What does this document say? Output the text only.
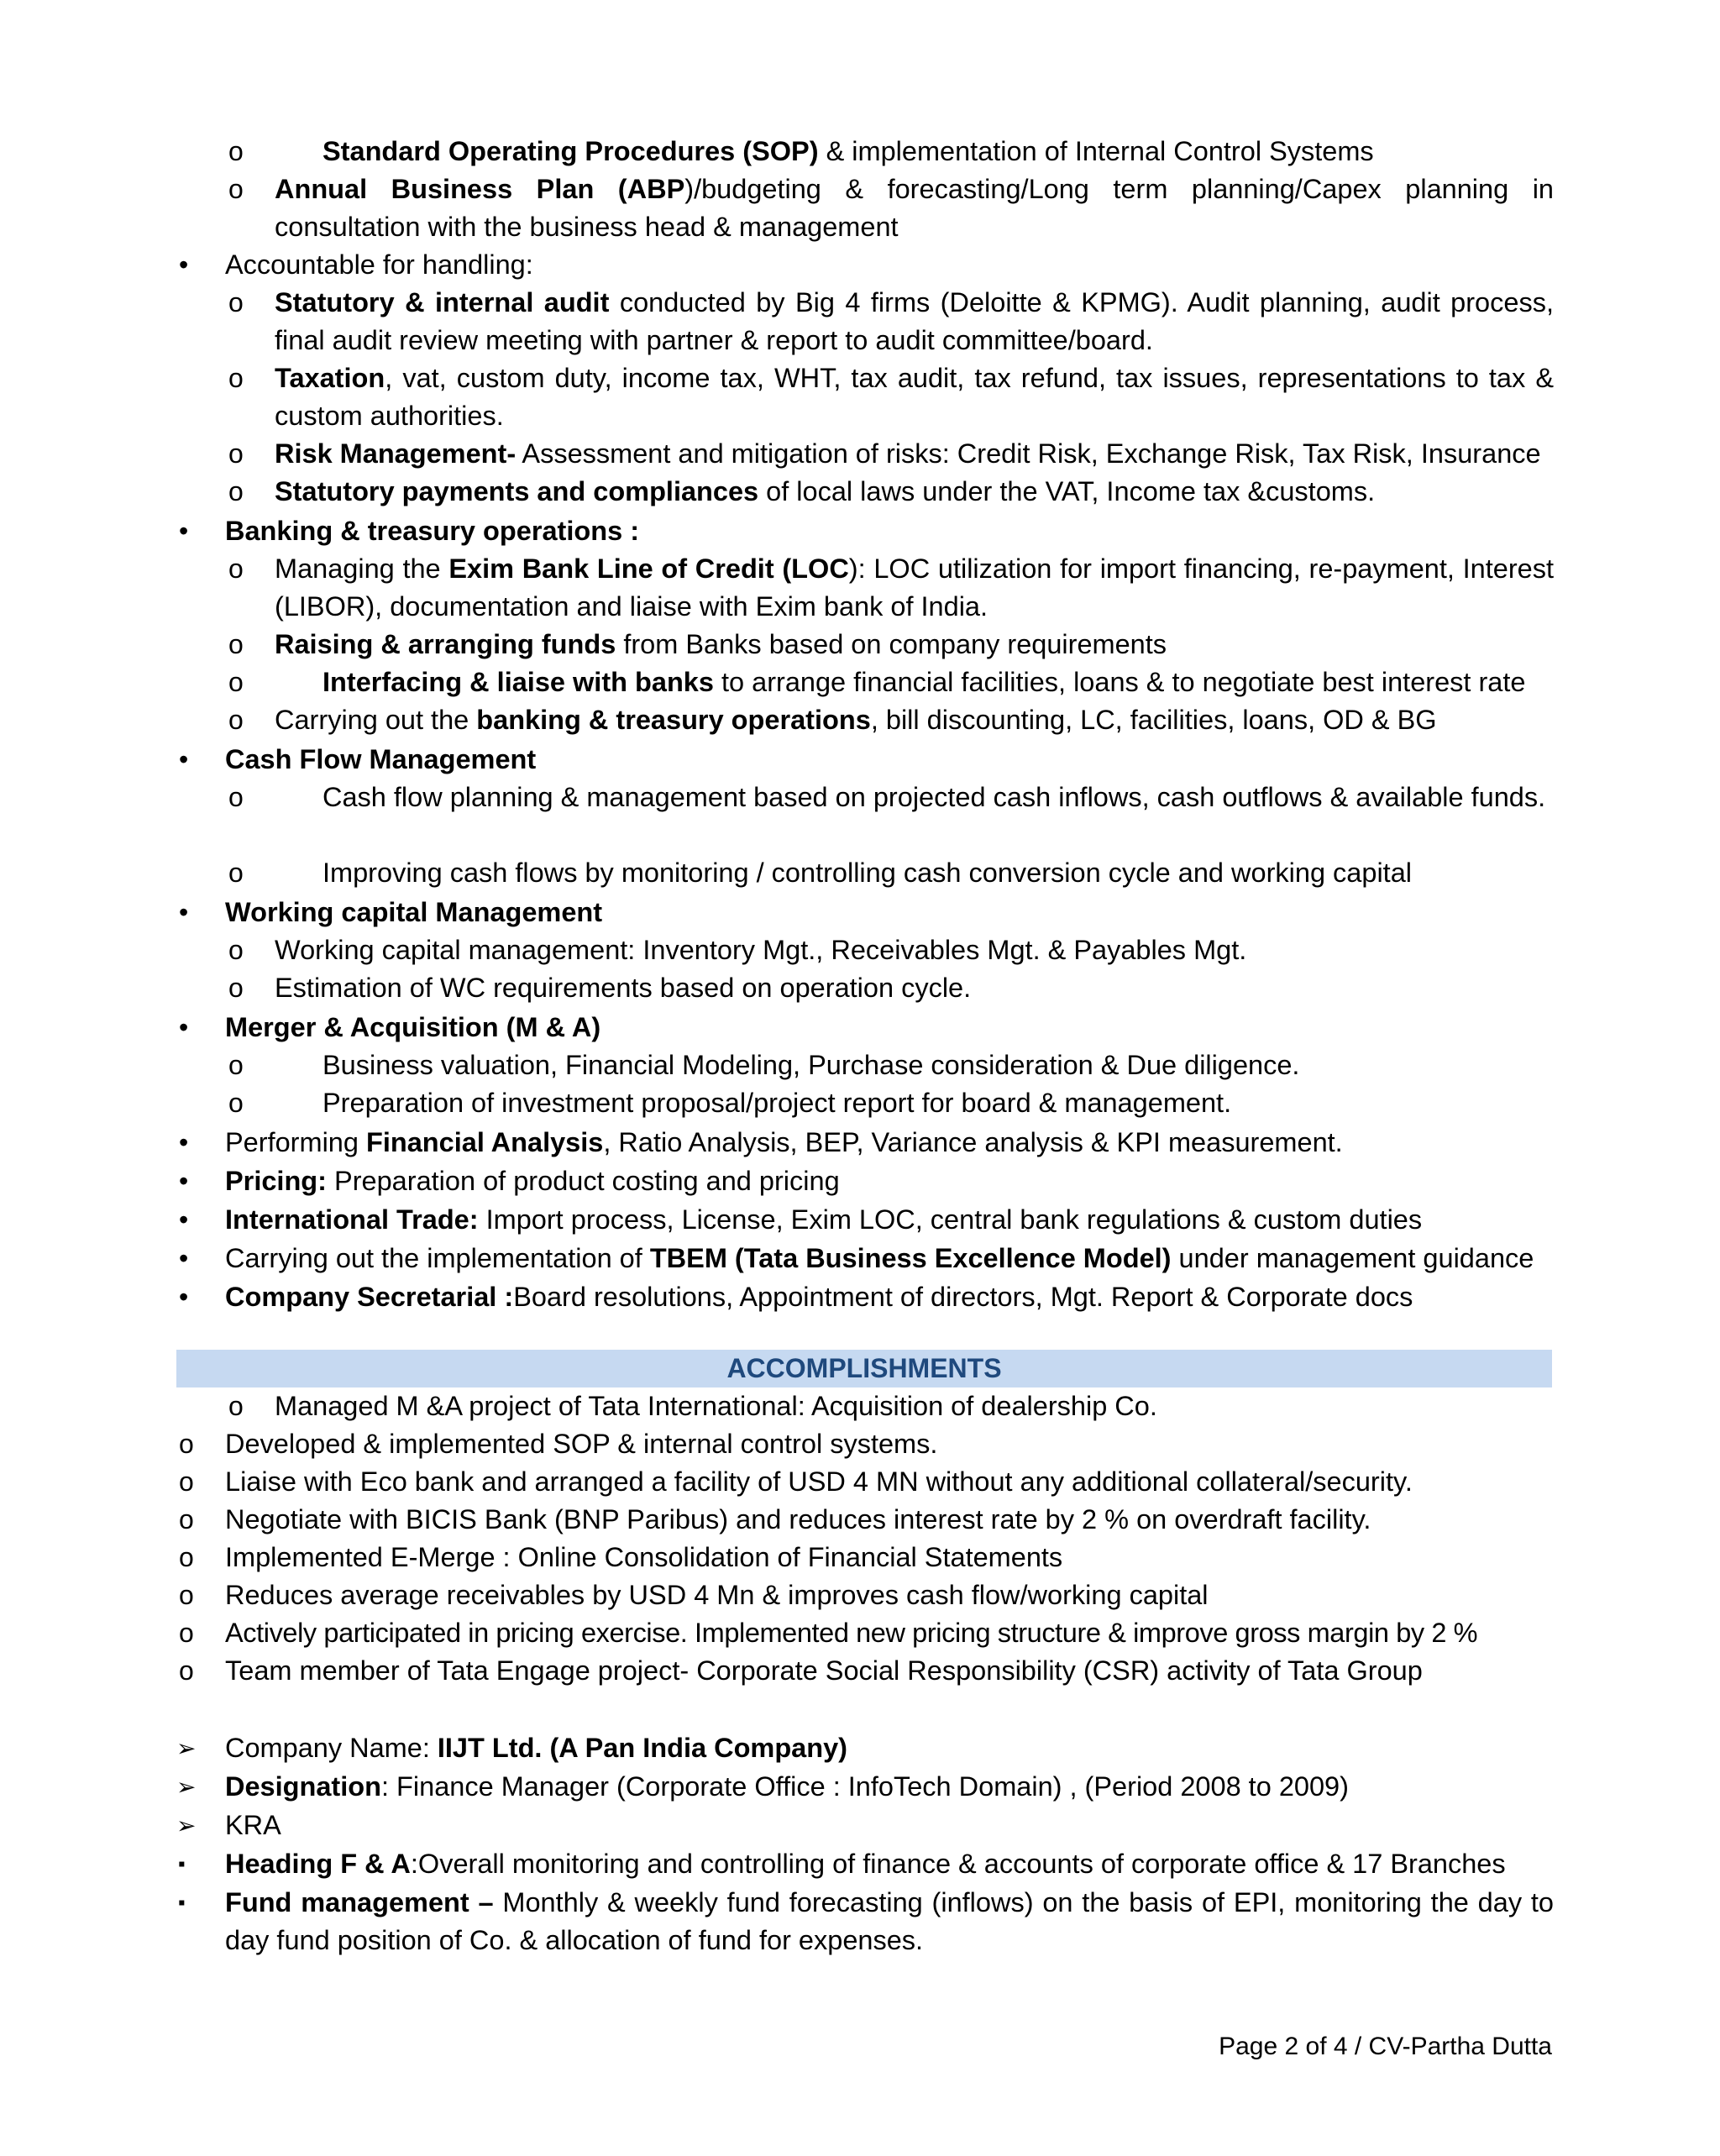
o	Standard Operating Procedures (SOP) & implementation of Internal Control Systems
o Annual Business Plan (ABP)/budgeting & forecasting/Long term planning/Capex planning in consultation with the business head & management
• Accountable for handling:
o Statutory & internal audit conducted by Big 4 firms (Deloitte & KPMG). Audit planning, audit process, final audit review meeting with partner & report to audit committee/board.
o Taxation, vat, custom duty, income tax, WHT, tax audit, tax refund, tax issues, representations to tax & custom authorities.
o Risk Management- Assessment and mitigation of risks: Credit Risk, Exchange Risk, Tax Risk, Insurance
o Statutory payments and compliances of local laws under the VAT, Income tax &customs.
• Banking & treasury operations :
o Managing the Exim Bank Line of Credit (LOC): LOC utilization for import financing, re-payment, Interest (LIBOR), documentation and liaise with Exim bank of India.
o Raising & arranging funds from Banks based on company requirements
o	Interfacing & liaise with banks to arrange financial facilities, loans & to negotiate best interest rate
o Carrying out the banking & treasury operations, bill discounting, LC, facilities, loans, OD & BG
• Cash Flow Management
o	Cash flow planning & management based on projected cash inflows, cash outflows & available funds.
o	Improving cash flows by monitoring / controlling cash conversion cycle and working capital
• Working capital Management
o Working capital management: Inventory Mgt., Receivables Mgt. & Payables Mgt.
o Estimation of WC requirements based on operation cycle.
• Merger & Acquisition (M & A)
o	Business valuation, Financial Modeling, Purchase consideration & Due diligence.
o	Preparation of investment proposal/project report for board & management.
• Performing Financial Analysis, Ratio Analysis, BEP, Variance analysis & KPI measurement.
• Pricing: Preparation of product costing and pricing
• International Trade: Import process, License, Exim LOC, central bank regulations & custom duties
• Carrying out the implementation of TBEM (Tata Business Excellence Model) under management guidance
• Company Secretarial :Board resolutions, Appointment of directors, Mgt. Report & Corporate docs
ACCOMPLISHMENTS
o Managed M &A project of Tata International: Acquisition of dealership Co.
o Developed & implemented SOP & internal control systems.
o Liaise with Eco bank and arranged a facility of USD 4 MN without any additional collateral/security.
o Negotiate with BICIS Bank (BNP Paribus) and reduces interest rate by 2 % on overdraft facility.
o Implemented E-Merge : Online Consolidation of Financial Statements
o Reduces average receivables by USD 4 Mn & improves cash flow/working capital
o Actively participated in pricing exercise. Implemented new pricing structure & improve gross margin by 2 %
o Team member of Tata Engage project- Corporate Social Responsibility (CSR) activity of Tata Group
➢ Company Name: IIJT Ltd. (A Pan India Company)
➢ Designation: Finance Manager (Corporate Office : InfoTech Domain) , (Period 2008 to 2009)
➢ KRA
▪ Heading F & A:Overall monitoring and controlling of finance & accounts of corporate office & 17 Branches
▪ Fund management – Monthly & weekly fund forecasting (inflows) on the basis of EPI, monitoring the day to day fund position of Co. & allocation of fund for expenses.
Page 2 of 4 / CV-Partha Dutta
